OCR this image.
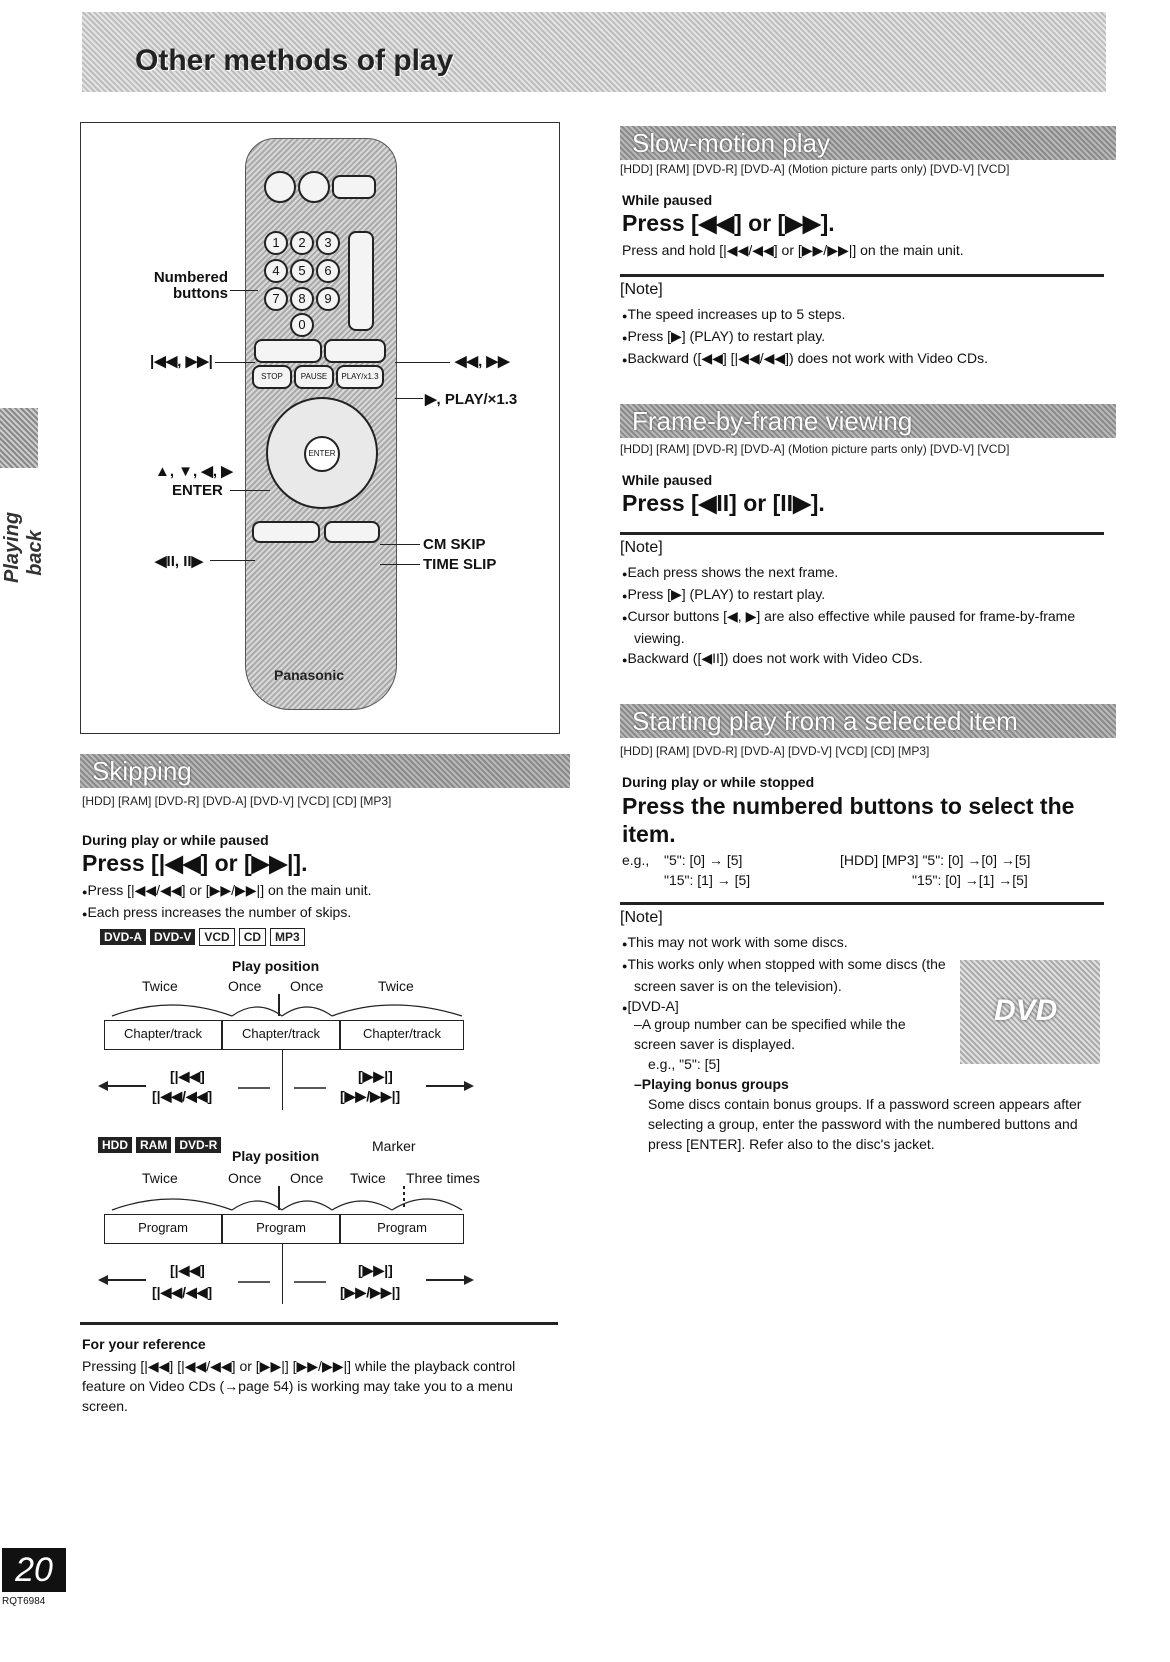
Other methods of play
Playing back
1	2	3
4	5	6
7	8	9
0
STOP	PAUSE	PLAY/x1.3
ENTER
Panasonic
Numbered buttons
|◀◀, ▶▶|	◀◀, ▶▶
▶, PLAY/×1.3
▲, ▼, ◀, ▶
ENTER
◀II, II▶
CM SKIP
TIME SLIP
Skipping
[HDD] [RAM] [DVD-R] [DVD-A] [DVD-V] [VCD] [CD] [MP3]
During play or while paused
Press [|◀◀] or [▶▶|].
● Press [|◀◀/◀◀] or [▶▶/▶▶|] on the main unit.
● Each press increases the number of skips.
DVD-A DVD-V VCD CD MP3
Play position
Twice	Once Once	Twice
Chapter/track	Chapter/track	Chapter/track
[|◀◀]
[|◀◀/◀◀]
[▶▶|]
[▶▶/▶▶|]
HDD RAM DVD-R
Play position
Marker
Twice	Once Once Twice Three times
Program	Program	Program
[|◀◀]
[|◀◀/◀◀]
[▶▶|]
[▶▶/▶▶|]
For your reference
Pressing [|◀◀] [|◀◀/◀◀] or [▶▶|] [▶▶/▶▶|] while the playback control feature on Video CDs (→page 54) is working may take you to a menu screen.
Slow-motion play
[HDD] [RAM] [DVD-R] [DVD-A] (Motion picture parts only) [DVD-V] [VCD]
While paused
Press [◀◀] or [▶▶].
Press and hold [|◀◀/◀◀] or [▶▶/▶▶|] on the main unit.
[Note]
● The speed increases up to 5 steps.
● Press [▶] (PLAY) to restart play.
● Backward ([◀◀] [|◀◀/◀◀]) does not work with Video CDs.
Frame-by-frame viewing
[HDD] [RAM] [DVD-R] [DVD-A] (Motion picture parts only) [DVD-V] [VCD]
While paused
Press [◀II] or [II▶].
[Note]
● Each press shows the next frame.
● Press [▶] (PLAY) to restart play.
● Cursor buttons [◀, ▶] are also effective while paused for frame-by-frame viewing.
● Backward ([◀II]) does not work with Video CDs.
Starting play from a selected item
[HDD] [RAM] [DVD-R] [DVD-A] [DVD-V] [VCD] [CD] [MP3]
During play or while stopped
Press the numbered buttons to select the item.
e.g., "5": [0] → [5]
"15": [1] → [5]
[HDD] [MP3] "5": [0] →[0] →[5]
"15": [0] →[1] →[5]
[Note]
● This may not work with some discs.
● This works only when stopped with some discs (the screen saver is on the television).
● [DVD-A]
–A group number can be specified while the screen saver is displayed.
e.g., "5": [5]
–Playing bonus groups
Some discs contain bonus groups. If a password screen appears after selecting a group, enter the password with the numbered buttons and press [ENTER]. Refer also to the disc's jacket.
DVD
20
RQT6984
